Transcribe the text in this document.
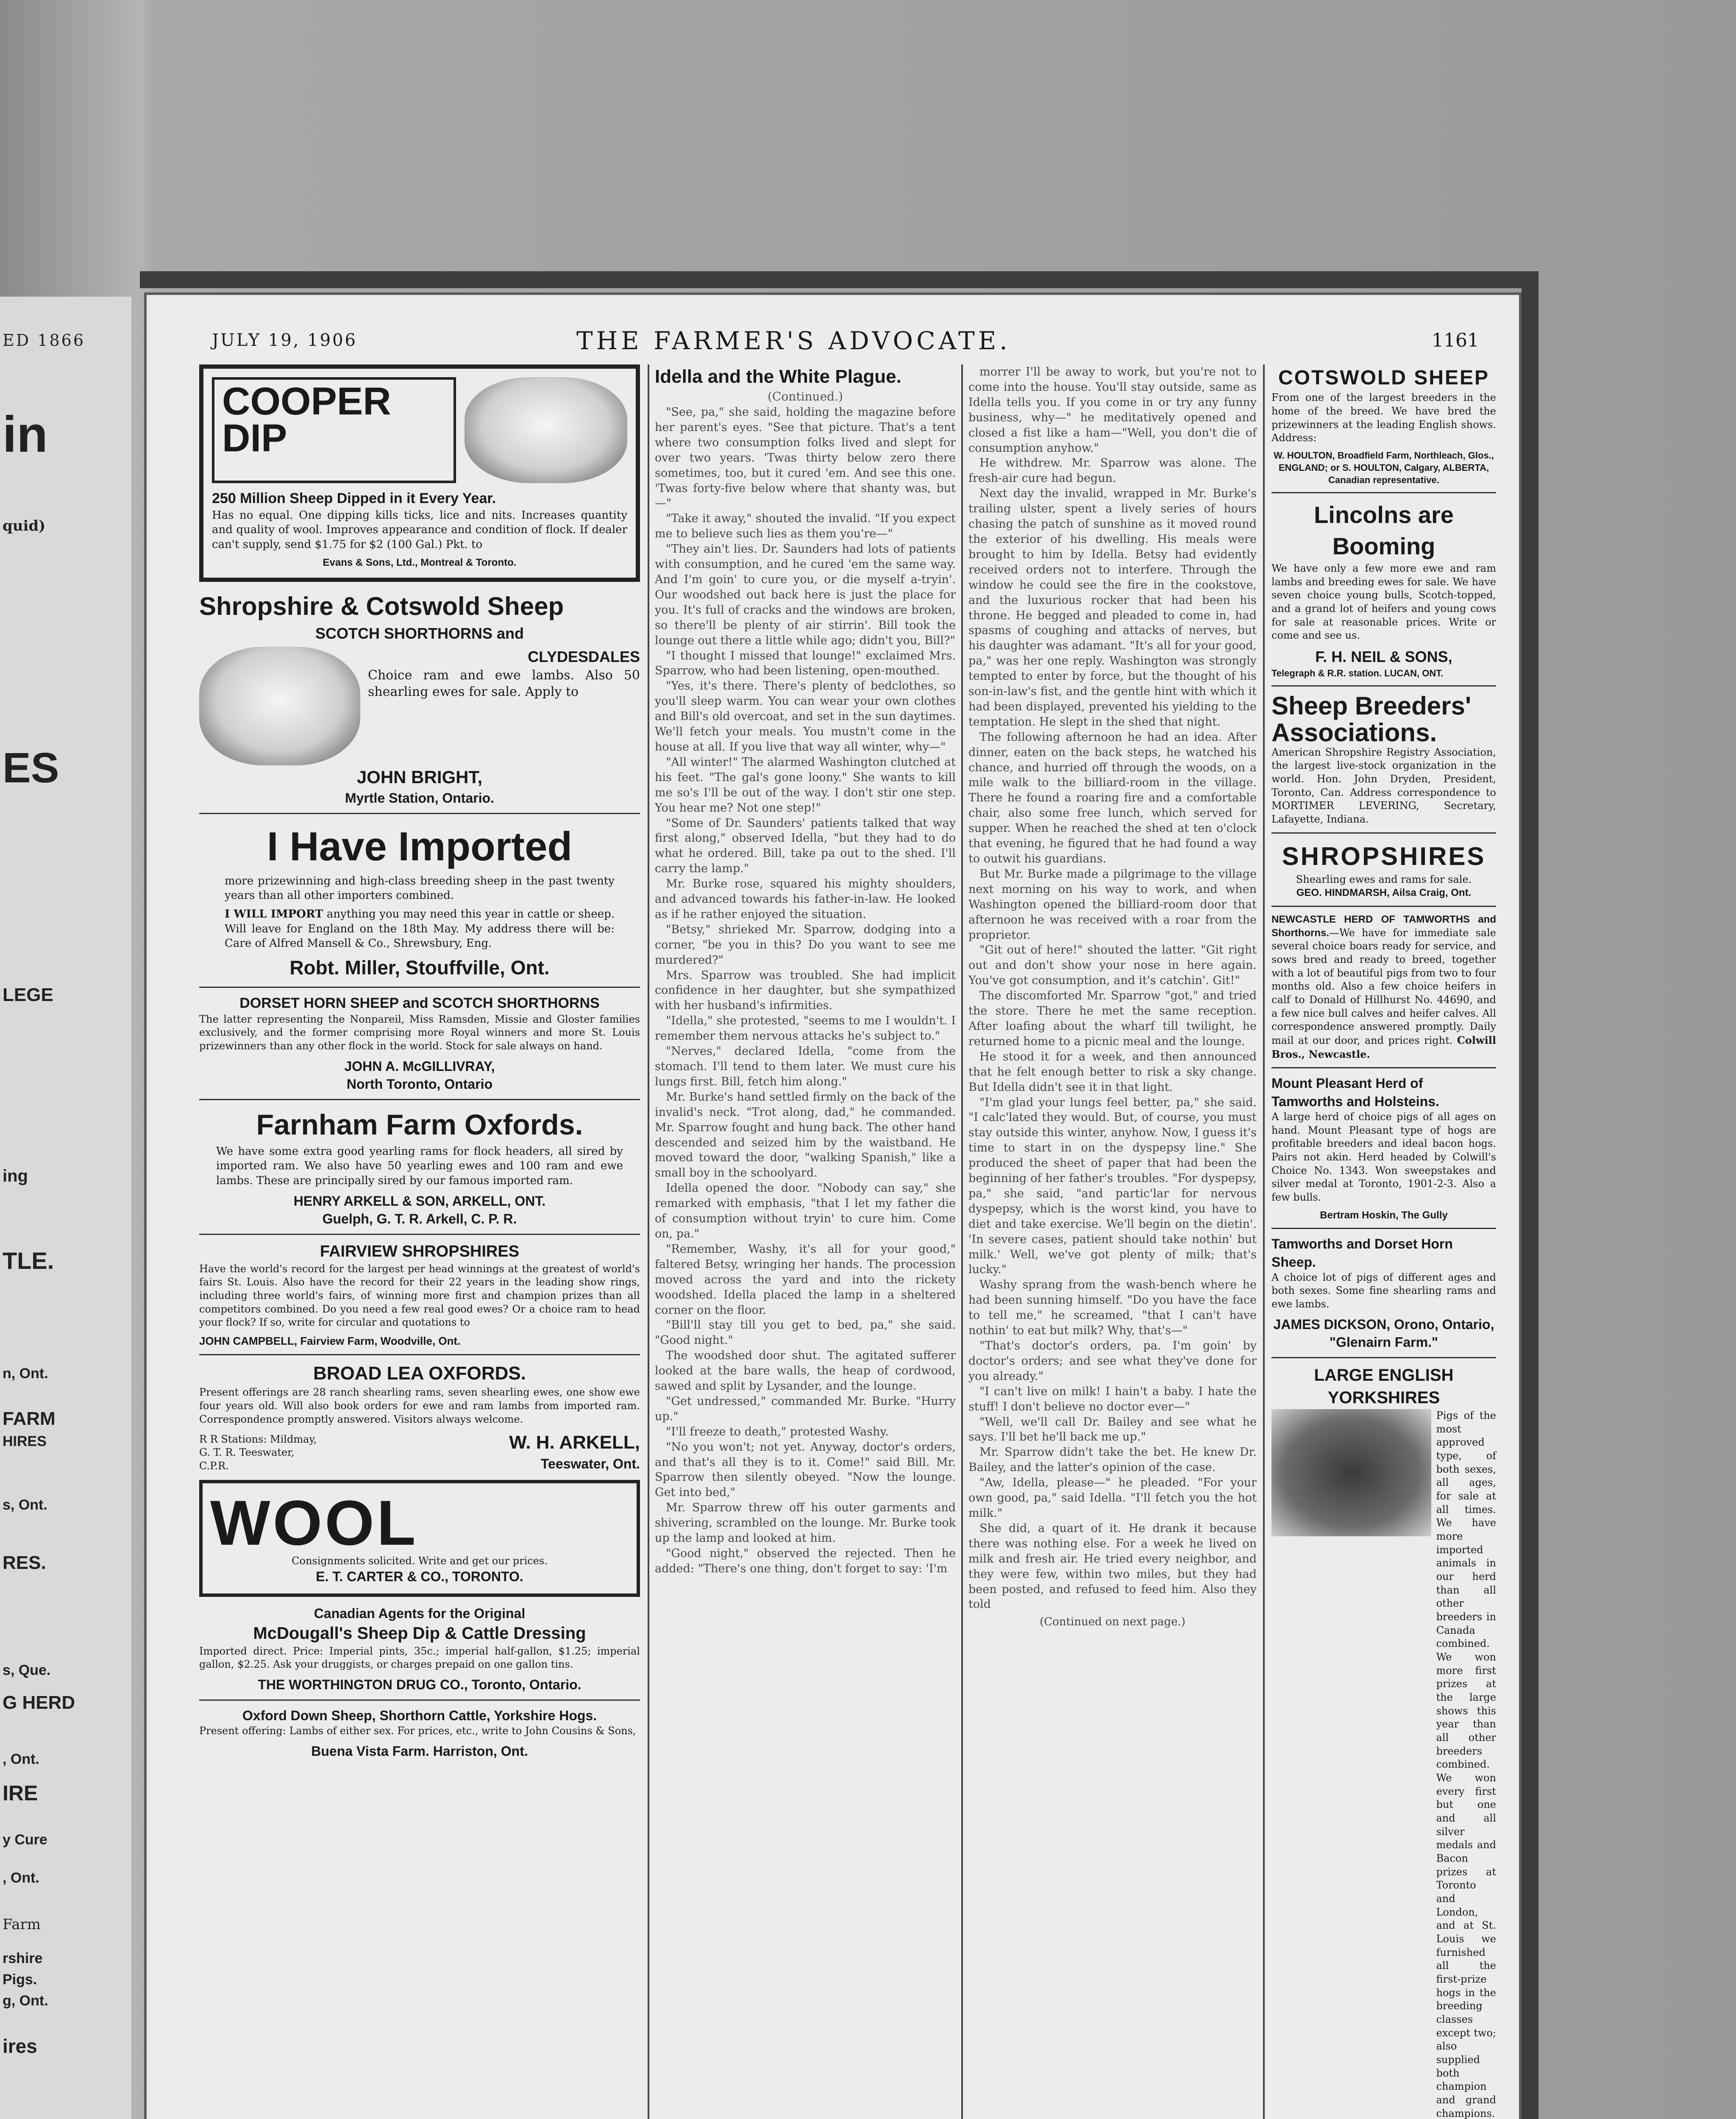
ED 1866
in
quid)
ES
LEGE
ing
TLE.
n, Ont.
FARM
HIRES
s, Ont.
RES.
s, Que.
G HERD
, Ont.
IRE
y Cure
, Ont.
Farm
rshire
Pigs.
g, Ont.
ires
JULY 19, 1906	THE FARMER'S ADVOCATE.	1161
COOPER DIP
250 Million Sheep Dipped in it Every Year.

Has no equal. One dipping kills ticks, lice and nits. Increases quantity and quality of wool. Improves appearance and condition of flock. If dealer can't supply, send $1.75 for $2 (100 Gal.) Pkt. to

Evans & Sons, Ltd., Montreal & Toronto.
Shropshire & Cotswold Sheep
SCOTCH SHORTHORNS and
CLYDESDALES

Choice ram and ewe lambs. Also 50 shearling ewes for sale. Apply to

JOHN BRIGHT,
Myrtle Station, Ontario.
I Have Imported

more prizewinning and high-class breeding sheep in the past twenty years than all other importers combined.

I WILL IMPORT anything you may need this year in cattle or sheep. Will leave for England on the 18th May. My address there will be: Care of Alfred Mansell & Co., Shrewsbury, Eng.

Robt. Miller, Stouffville, Ont.
DORSET HORN SHEEP and SCOTCH SHORTHORNS

The latter representing the Nonpareil, Miss Ramsden, Missie and Gloster families exclusively, and the former comprising more Royal winners and more St. Louis prizewinners than any other flock in the world. Stock for sale always on hand.

JOHN A. McGILLIVRAY,
North Toronto, Ontario
Farnham Farm Oxfords.

We have some extra good yearling rams for flock headers, all sired by imported ram. We also have 50 yearling ewes and 100 ram and ewe lambs. These are principally sired by our famous imported ram.

HENRY ARKELL & SON, ARKELL, ONT.
Guelph, G. T. R. Arkell, C. P. R.
FAIRVIEW SHROPSHIRES

Have the world's record for the largest per head winnings at the greatest of world's fairs St. Louis. Also have the record for their 22 years in the leading show rings, including three world's fairs, of winning more first and champion prizes than all competitors combined. Do you need a few real good ewes? Or a choice ram to head your flock? If so, write for circular and quotations to

JOHN CAMPBELL, Fairview Farm, Woodville, Ont.
BROAD LEA OXFORDS.

Present offerings are 28 ranch shearling rams, seven shearling ewes, one show ewe four years old. Will also book orders for ewe and ram lambs from imported ram. Correspondence promptly answered. Visitors always welcome.

R R Stations: Mildmay, G. T. R. Teeswater, C.P.R.
W. H. ARKELL,
Teeswater, Ont.
WOOL
Consignments solicited. Write and get our prices.
E. T. CARTER & CO., TORONTO.
Canadian Agents for the Original
McDougall's Sheep Dip & Cattle Dressing

Imported direct. Price: Imperial pints, 35c.; imperial half-gallon, $1.25; imperial gallon, $2.25. Ask your druggists, or charges prepaid on one gallon tins.

THE WORTHINGTON DRUG CO., Toronto, Ontario.
Oxford Down Sheep, Shorthorn Cattle, Yorkshire Hogs.

Present offering: Lambs of either sex. For prices, etc., write to John Cousins & Sons,

Buena Vista Farm. Harriston, Ont.
Idella and the White Plague.
(Continued.)

"See, pa," she said, holding the magazine before her parent's eyes. "See that picture. That's a tent where two consumption folks lived and slept for over two years. 'Twas thirty below zero there sometimes, too, but it cured 'em. And see this one. 'Twas forty-five below where that shanty was, but—"

"Take it away," shouted the invalid. "If you expect me to believe such lies as them you're—"

"They ain't lies. Dr. Saunders had lots of patients with consumption, and he cured 'em the same way. And I'm goin' to cure you, or die myself a-tryin'. Our woodshed out back here is just the place for you. It's full of cracks and the windows are broken, so there'll be plenty of air stirrin'. Bill took the lounge out there a little while ago; didn't you, Bill?"

"I thought I missed that lounge!" exclaimed Mrs. Sparrow, who had been listening, open-mouthed.

"Yes, it's there. There's plenty of bedclothes, so you'll sleep warm. You can wear your own clothes and Bill's old overcoat, and set in the sun daytimes. We'll fetch your meals. You mustn't come in the house at all. If you live that way all winter, why—"

"All winter!" The alarmed Washington clutched at his feet. "The gal's gone loony." She wants to kill me so's I'll be out of the way. I don't stir one step. You hear me? Not one step!"

"Some of Dr. Saunders' patients talked that way first along," observed Idella, "but they had to do what he ordered. Bill, take pa out to the shed. I'll carry the lamp."

Mr. Burke rose, squared his mighty shoulders, and advanced towards his father-in-law. He looked as if he rather enjoyed the situation.

"Betsy," shrieked Mr. Sparrow, dodging into a corner, "be you in this? Do you want to see me murdered?"

Mrs. Sparrow was troubled. She had implicit confidence in her daughter, but she sympathized with her husband's infirmities.

"Idella," she protested, "seems to me I wouldn't. I remember them nervous attacks he's subject to."

"Nerves," declared Idella, "come from the stomach. I'll tend to them later. We must cure his lungs first. Bill, fetch him along."

Mr. Burke's hand settled firmly on the back of the invalid's neck. "Trot along, dad," he commanded. Mr. Sparrow fought and hung back. The other hand descended and seized him by the waistband. He moved toward the door, "walking Spanish," like a small boy in the schoolyard.

Idella opened the door. "Nobody can say," she remarked with emphasis, "that I let my father die of consumption without tryin' to cure him. Come on, pa."

"Remember, Washy, it's all for your good," faltered Betsy, wringing her hands. The procession moved across the yard and into the rickety woodshed. Idella placed the lamp in a sheltered corner on the floor.

"Bill'll stay till you get to bed, pa," she said. "Good night."

The woodshed door shut. The agitated sufferer looked at the bare walls, the heap of cordwood, sawed and split by Lysander, and the lounge.

"Get undressed," commanded Mr. Burke. "Hurry up."

"I'll freeze to death," protested Washy.

"No you won't; not yet. Anyway, doctor's orders, and that's all they is to it. Come!" said Bill. Mr. Sparrow then silently obeyed. "Now the lounge. Get into bed,"

Mr. Sparrow threw off his outer garments and shivering, scrambled on the lounge. Mr. Burke took up the lamp and looked at him.

"Good night," observed the rejected. Then he added: "There's one thing, don't forget to say: 'I'm

morrer I'll be away to work, but you're not to come into the house. You'll stay outside, same as Idella tells you. If you come in or try any funny business, why—" he meditatively opened and closed a fist like a ham—"Well, you don't die of consumption anyhow."

He withdrew. Mr. Sparrow was alone. The fresh-air cure had begun.

Next day the invalid, wrapped in Mr. Burke's trailing ulster, spent a lively series of hours chasing the patch of sunshine as it moved round the exterior of his dwelling. His meals were brought to him by Idella. Betsy had evidently received orders not to interfere. Through the window he could see the fire in the cookstove, and the luxurious rocker that had been his throne. He begged and pleaded to come in, had spasms of coughing and attacks of nerves, but his daughter was adamant. "It's all for your good, pa," was her one reply. Washington was strongly tempted to enter by force, but the thought of his son-in-law's fist, and the gentle hint with which it had been displayed, prevented his yielding to the temptation. He slept in the shed that night.

The following afternoon he had an idea. After dinner, eaten on the back steps, he watched his chance, and hurried off through the woods, on a mile walk to the billiard-room in the village. There he found a roaring fire and a comfortable chair, also some free lunch, which served for supper. When he reached the shed at ten o'clock that evening, he figured that he had found a way to outwit his guardians.

But Mr. Burke made a pilgrimage to the village next morning on his way to work, and when Washington opened the billiard-room door that afternoon he was received with a roar from the proprietor.

"Git out of here!" shouted the latter. "Git right out and don't show your nose in here again. You've got consumption, and it's catchin'. Git!"

The discomforted Mr. Sparrow "got," and tried the store. There he met the same reception. After loafing about the wharf till twilight, he returned home to a picnic meal and the lounge.

He stood it for a week, and then announced that he felt enough better to risk a sky change. But Idella didn't see it in that light.

"I'm glad your lungs feel better, pa," she said. "I calc'lated they would. But, of course, you must stay outside this winter, anyhow. Now, I guess it's time to start in on the dyspepsy line." She produced the sheet of paper that had been the beginning of her father's troubles. "For dyspepsy, pa," she said, "and partic'lar for nervous dyspepsy, which is the worst kind, you have to diet and take exercise. We'll begin on the dietin'. 'In severe cases, patient should take nothin' but milk.' Well, we've got plenty of milk; that's lucky."

Washy sprang from the wash-bench where he had been sunning himself. "Do you have the face to tell me," he screamed, "that I can't have nothin' to eat but milk? Why, that's—"

"That's doctor's orders, pa. I'm goin' by doctor's orders; and see what they've done for you already."

"I can't live on milk! I hain't a baby. I hate the stuff! I don't believe no doctor ever—"

"Well, we'll call Dr. Bailey and see what he says. I'll bet he'll back me up."

Mr. Sparrow didn't take the bet. He knew Dr. Bailey, and the latter's opinion of the case.

"Aw, Idella, please—" he pleaded. "For your own good, pa," said Idella. "I'll fetch you the hot milk."

She did, a quart of it. He drank it because there was nothing else. For a week he lived on milk and fresh air. He tried every neighbor, and they were few, within two miles, but they had been posted, and refused to feed him. Also they told

(Continued on next page.)
COTSWOLD SHEEP

From one of the largest breeders in the home of the breed. We have bred the prizewinners at the leading English shows. Address:

W. HOULTON, Broadfield Farm, Northleach, Glos., ENGLAND; or S. HOULTON, Calgary, ALBERTA, Canadian representative.
Lincolns are Booming

We have only a few more ewe and ram lambs and breeding ewes for sale. We have seven choice young bulls, Scotch-topped, and a grand lot of heifers and young cows for sale at reasonable prices. Write or come and see us.

F. H. NEIL & SONS,
Telegraph & R.R. station. LUCAN, ONT.
Sheep Breeders' Associations.

American Shropshire Registry Association, the largest live-stock organization in the world. Hon. John Dryden, President, Toronto, Can. Address correspondence to MORTIMER LEVERING, Secretary, Lafayette, Indiana.

SHROPSHIRES
Shearling ewes and rams for sale.
GEO. HINDMARSH, Ailsa Craig, Ont.

NEWCASTLE HERD OF TAMWORTHS and Shorthorns.—We have for immediate sale several choice boars ready for service, and sows bred and ready to breed, together with a lot of beautiful pigs from two to four months old. Also a few choice heifers in calf to Donald of Hillhurst No. 44690, and a few nice bull calves and heifer calves. All correspondence answered promptly. Daily mail at our door, and prices right. Colwill Bros., Newcastle.

Mount Pleasant Herd of Tamworths and Holsteins.

A large herd of choice pigs of all ages on hand. Mount Pleasant type of hogs are profitable breeders and ideal bacon hogs. Pairs not akin. Herd headed by Colwill's Choice No. 1343. Won sweepstakes and silver medal at Toronto, 1901-2-3. Also a few bulls.

Bertram Hoskin, The Gully
Tamworths and Dorset Horn Sheep.

A choice lot of pigs of different ages and both sexes. Some fine shearling rams and ewe lambs.

JAMES DICKSON, Orono, Ontario,
"Glenairn Farm."
LARGE ENGLISH YORKSHIRES

Pigs of the most approved type, of both sexes, all ages, for sale at all times. We have more imported animals in our herd than all other breeders in Canada combined. We won more first prizes at the large shows this year than all other breeders combined. We won every first but one and all silver medals and Bacon prizes at Toronto and London, and at St. Louis we furnished all the first-prize hogs in the breeding classes except two; also supplied both champion and grand champions.
